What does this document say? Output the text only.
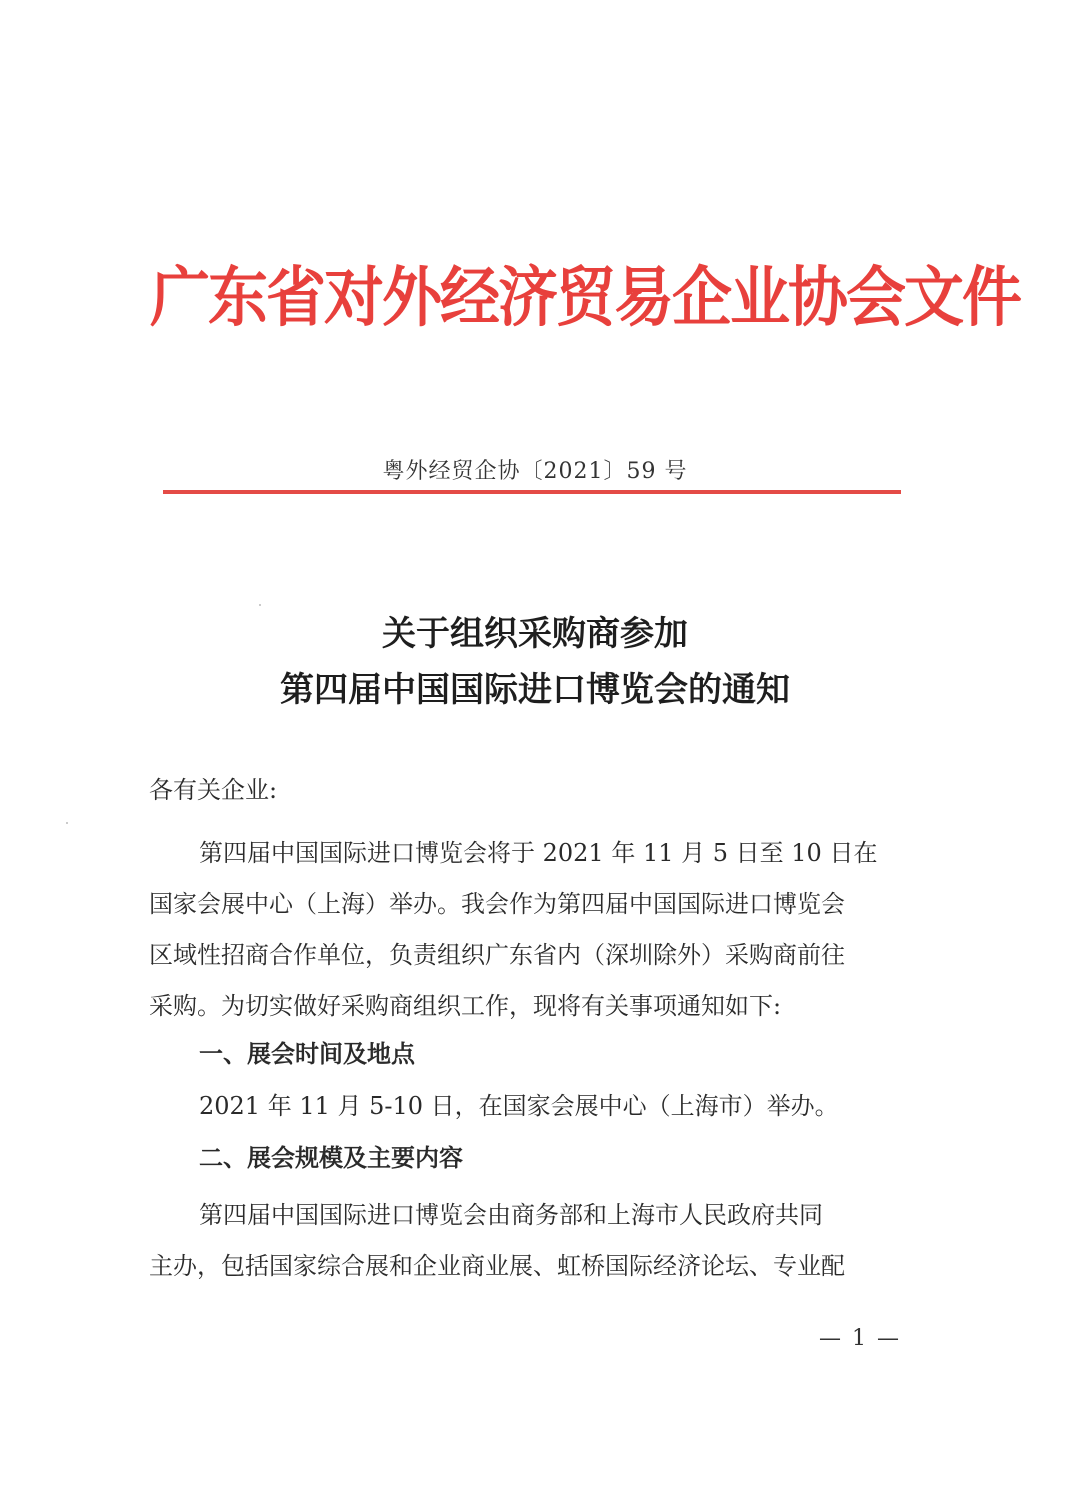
广东省对外经济贸易企业协会文件
粤外经贸企协〔2021〕59 号
关于组织采购商参加
第四届中国国际进口博览会的通知
各有关企业:
第四届中国国际进口博览会将于 2021 年 11 月 5 日至 10 日在
国家会展中心（上海）举办。我会作为第四届中国国际进口博览会
区域性招商合作单位，负责组织广东省内（深圳除外）采购商前往
采购。为切实做好采购商组织工作，现将有关事项通知如下:
一、展会时间及地点
2021 年 11 月 5-10 日，在国家会展中心（上海市）举办。
二、展会规模及主要内容
第四届中国国际进口博览会由商务部和上海市人民政府共同
主办，包括国家综合展和企业商业展、虹桥国际经济论坛、专业配
— 1 —
